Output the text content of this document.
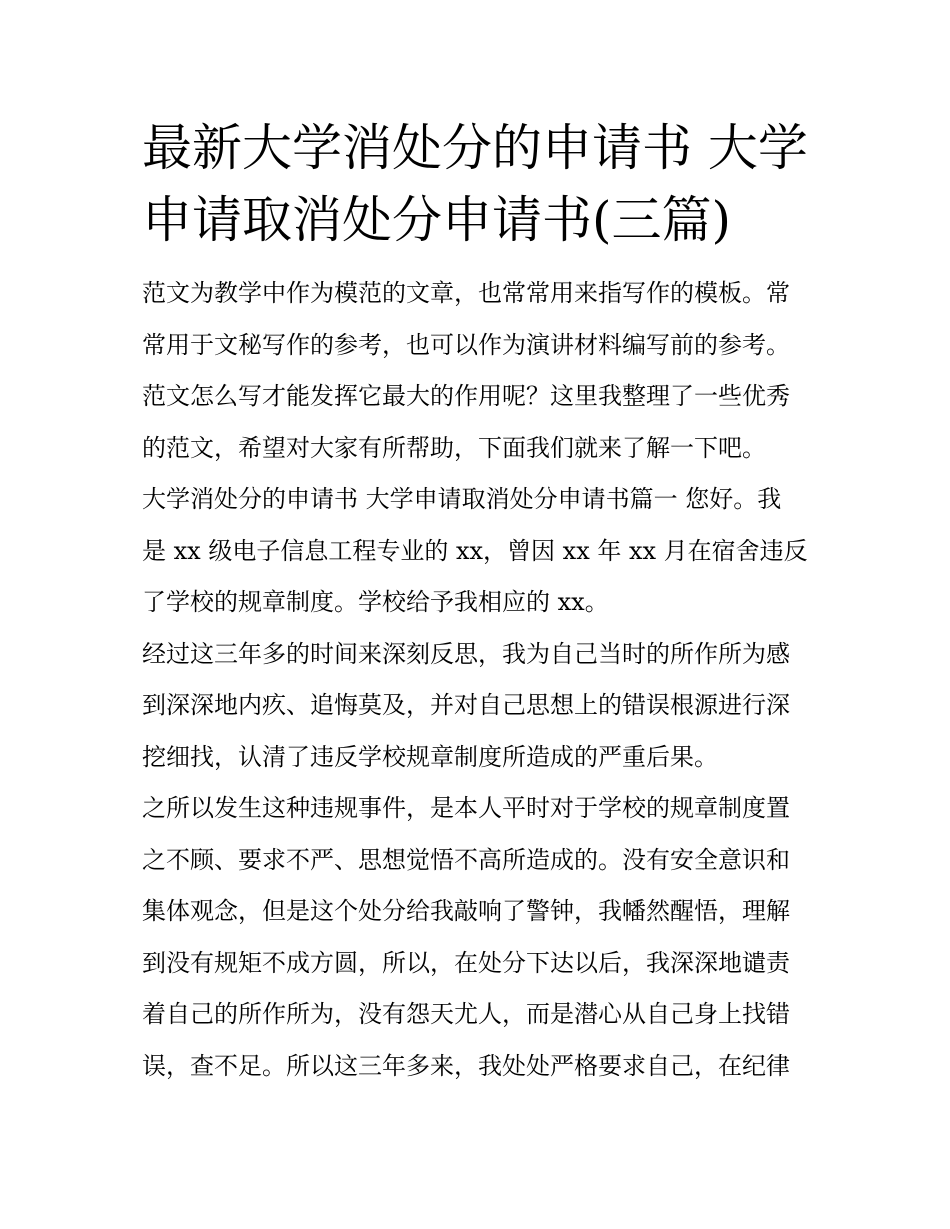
最新大学消处分的申请书 大学
申请取消处分申请书(三篇)

范文为教学中作为模范的文章，也常常用来指写作的模板。常
常用于文秘写作的参考，也可以作为演讲材料编写前的参考。
范文怎么写才能发挥它最大的作用呢？这里我整理了一些优秀
的范文，希望对大家有所帮助，下面我们就来了解一下吧。

大学消处分的申请书 大学申请取消处分申请书篇一 您好。我
是 xx 级电子信息工程专业的 xx，曾因 xx 年 xx 月在宿舍违反
了学校的规章制度。学校给予我相应的 xx。

经过这三年多的时间来深刻反思，我为自己当时的所作所为感
到深深地内疚、追悔莫及，并对自己思想上的错误根源进行深
挖细找，认清了违反学校规章制度所造成的严重后果。

之所以发生这种违规事件，是本人平时对于学校的规章制度置
之不顾、要求不严、思想觉悟不高所造成的。没有安全意识和
集体观念，但是这个处分给我敲响了警钟，我幡然醒悟，理解
到没有规矩不成方圆，所以，在处分下达以后，我深深地谴责
着自己的所作所为，没有怨天尤人，而是潜心从自己身上找错
误，查不足。所以这三年多来，我处处严格要求自己，在纪律
